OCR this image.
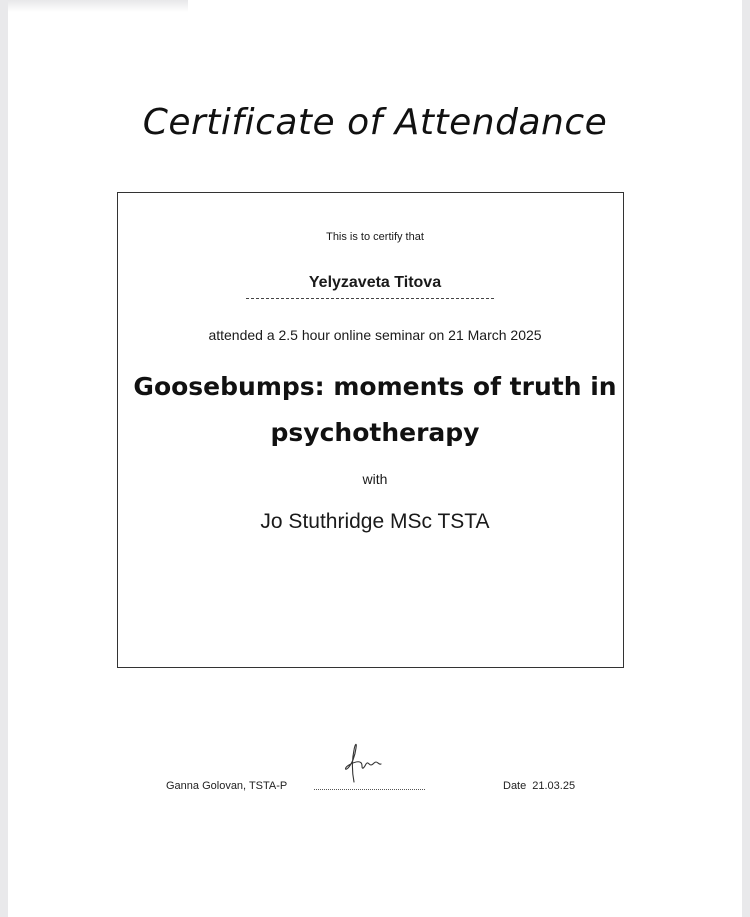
Certificate of Attendance
This is to certify that
Yelyzaveta Titova
attended a 2.5 hour online seminar on 21 March 2025
Goosebumps: moments of truth in
psychotherapy
with
Jo Stuthridge MSc TSTA
Ganna Golovan, TSTA-P	Date 21.03.25
